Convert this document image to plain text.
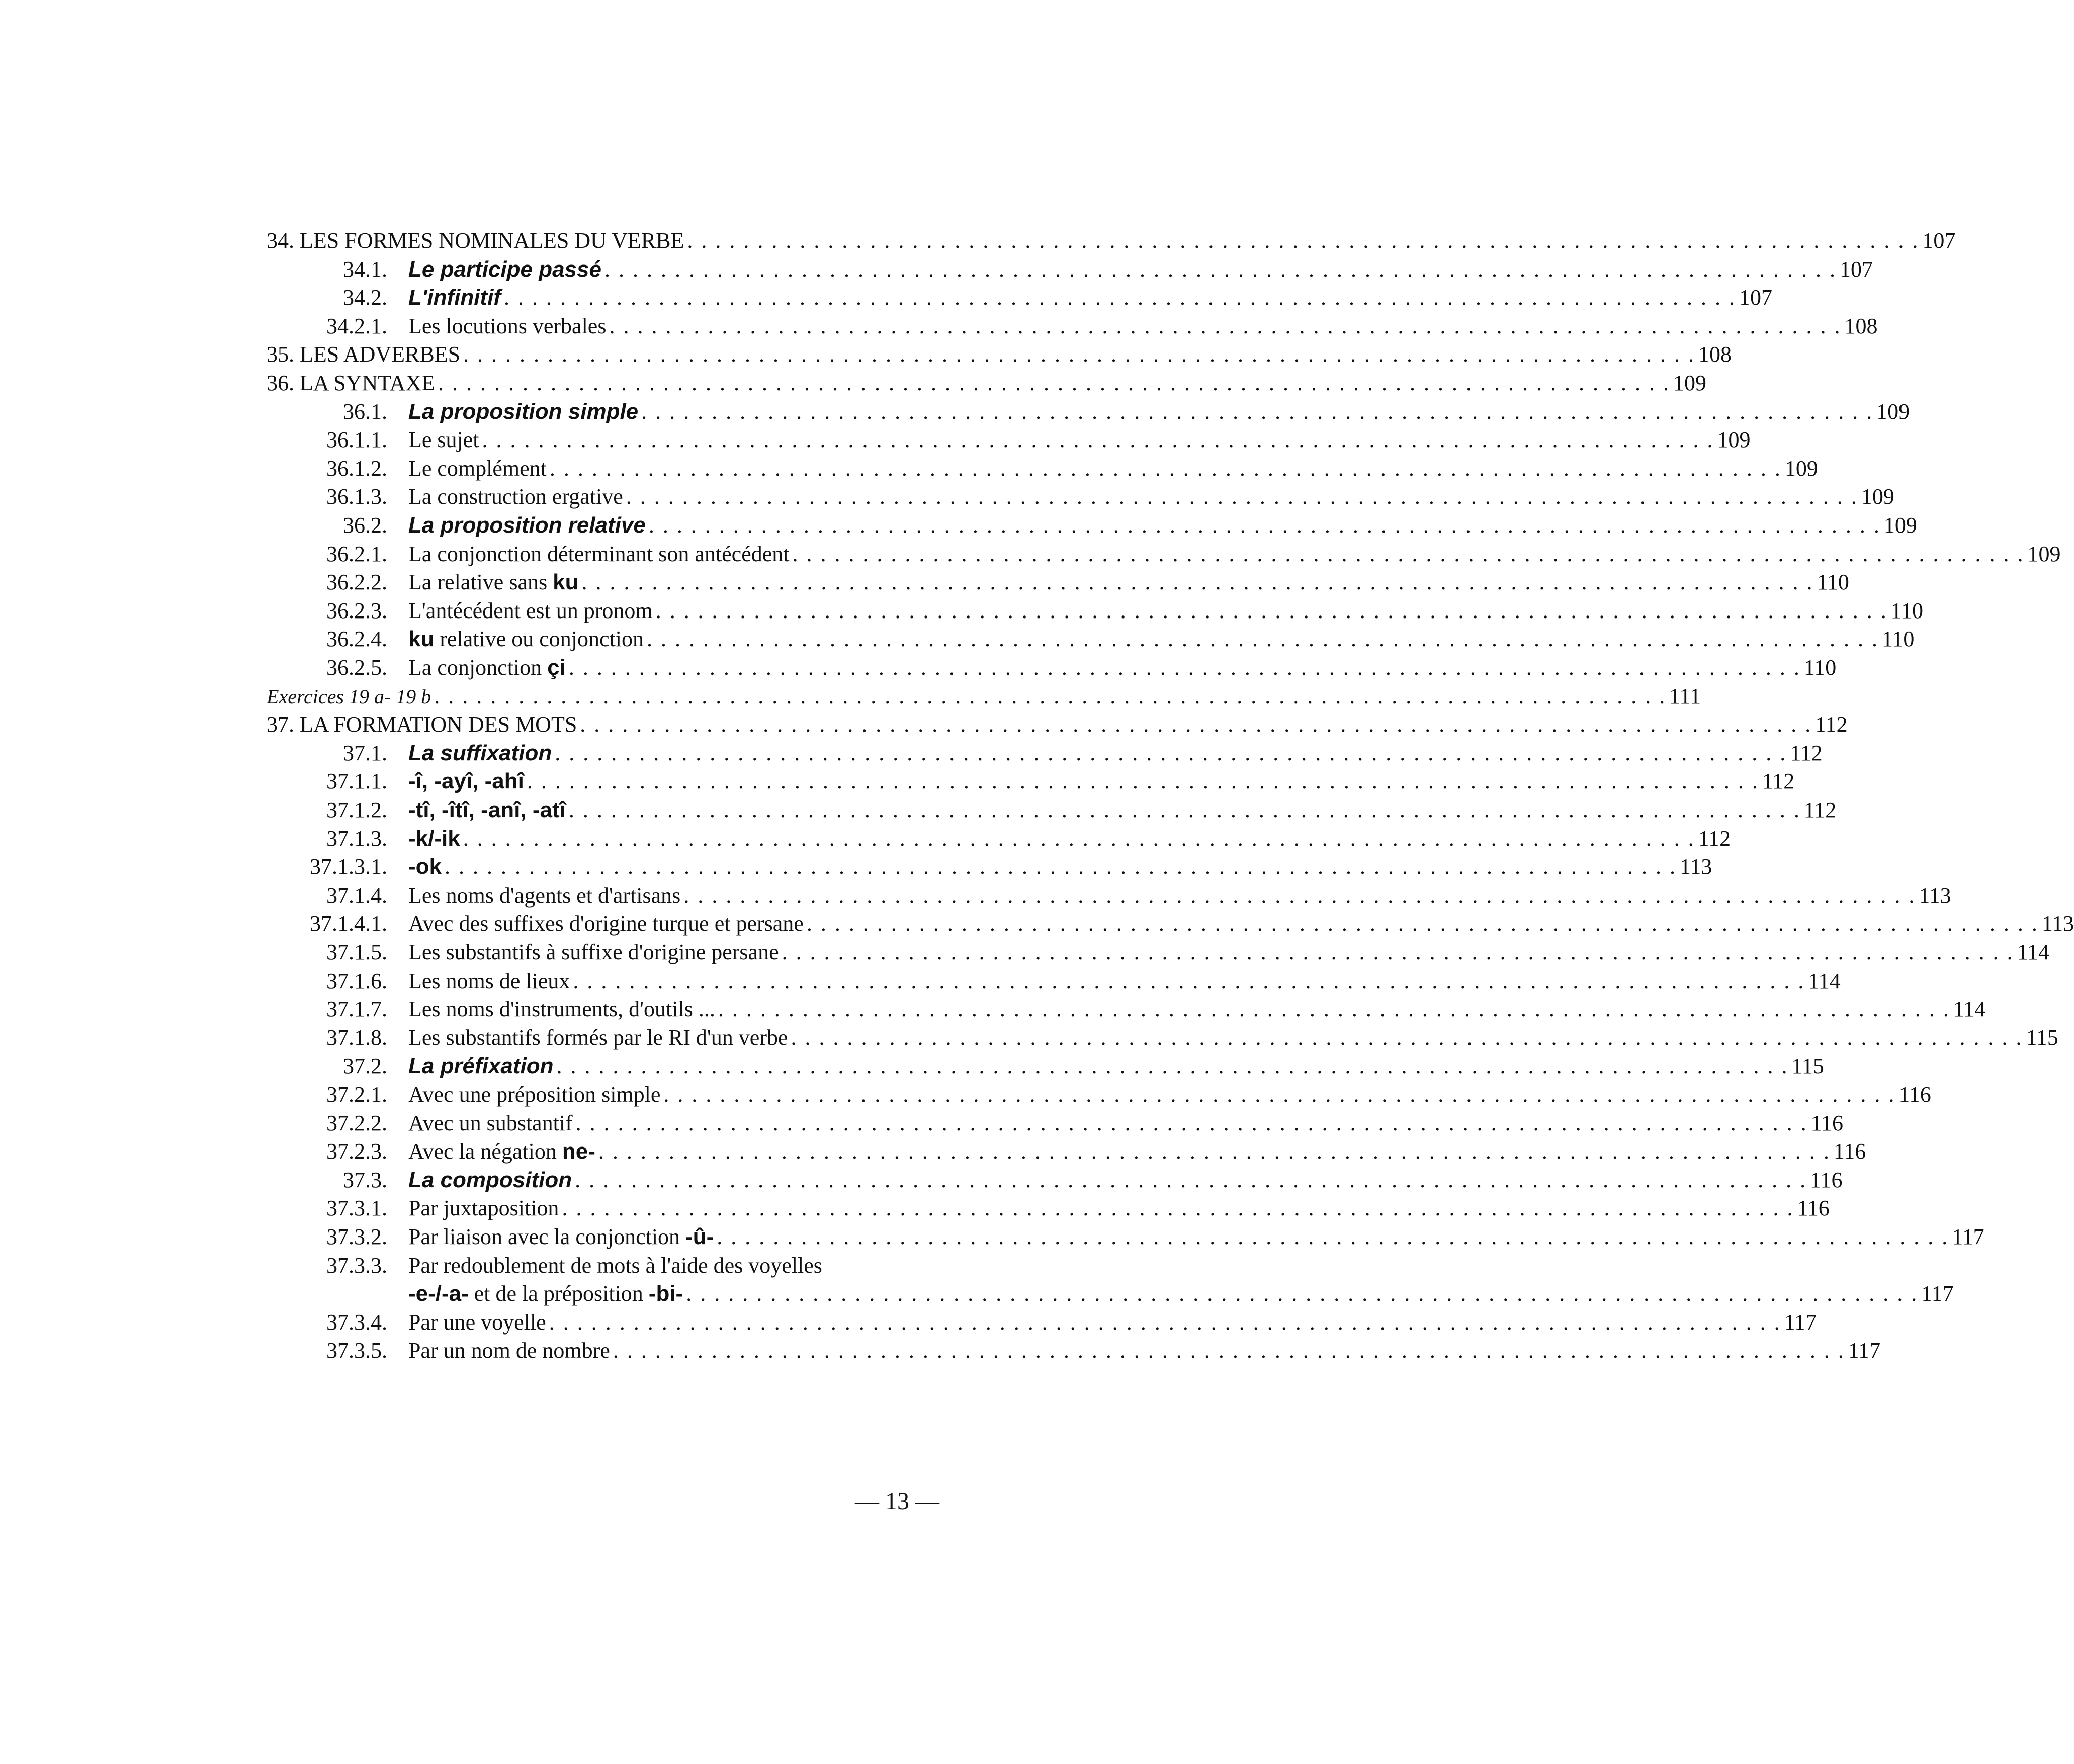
34. LES FORMES NOMINALES DU VERBE . . . . . . . . . . . . . . . . . . . . . . . . . . . . . . . . . . . . . . . . . . . . . . . . . . . . . . . . . . . . . . . . . . . . . . . . . . . . . . . . . . . . . . . . 107
34.1. Le participe passé . . . . . . . . . . . . . . . . . . . . . . . . . . . . . . . . . . . . . . . . . . . . . . . . . . . . . . . . . . . . . . . . . . . . . . . . . . . . . . . . . . . . . . . . 107
34.2. L'infinitif . . . . . . . . . . . . . . . . . . . . . . . . . . . . . . . . . . . . . . . . . . . . . . . . . . . . . . . . . . . . . . . . . . . . . . . . . . . . . . . . . . . . . . . . 107
34.2.1. Les locutions verbales . . . . . . . . . . . . . . . . . . . . . . . . . . . . . . . . . . . . . . . . . . . . . . . . . . . . . . . . . . . . . . . . . . . . . . . . . . . . . . . . . . . . . . . . 108
35. LES ADVERBES . . . . . . . . . . . . . . . . . . . . . . . . . . . . . . . . . . . . . . . . . . . . . . . . . . . . . . . . . . . . . . . . . . . . . . . . . . . . . . . . . . . . . . . . 108
36. LA SYNTAXE . . . . . . . . . . . . . . . . . . . . . . . . . . . . . . . . . . . . . . . . . . . . . . . . . . . . . . . . . . . . . . . . . . . . . . . . . . . . . . . . . . . . . . . . 109
36.1. La proposition simple . . . . . . . . . . . . . . . . . . . . . . . . . . . . . . . . . . . . . . . . . . . . . . . . . . . . . . . . . . . . . . . . . . . . . . . . . . . . . . . . . . . . . . . . 109
36.1.1. Le sujet . . . . . . . . . . . . . . . . . . . . . . . . . . . . . . . . . . . . . . . . . . . . . . . . . . . . . . . . . . . . . . . . . . . . . . . . . . . . . . . . . . . . . . . . 109
36.1.2. Le complément . . . . . . . . . . . . . . . . . . . . . . . . . . . . . . . . . . . . . . . . . . . . . . . . . . . . . . . . . . . . . . . . . . . . . . . . . . . . . . . . . . . . . . . . 109
36.1.3. La construction ergative . . . . . . . . . . . . . . . . . . . . . . . . . . . . . . . . . . . . . . . . . . . . . . . . . . . . . . . . . . . . . . . . . . . . . . . . . . . . . . . . . . . . . . . . 109
36.2. La proposition relative . . . . . . . . . . . . . . . . . . . . . . . . . . . . . . . . . . . . . . . . . . . . . . . . . . . . . . . . . . . . . . . . . . . . . . . . . . . . . . . . . . . . . . . . 109
36.2.1. La conjonction déterminant son antécédent . . . . . . . . . . . . . . . . . . . . . . . . . . . . . . . . . . . . . . . . . . . . . . . . . . . . . . . . . . . . . . . . . . . . . . . . . . . . . . . . . . . . . . . . 109
36.2.2. La relative sans ku . . . . . . . . . . . . . . . . . . . . . . . . . . . . . . . . . . . . . . . . . . . . . . . . . . . . . . . . . . . . . . . . . . . . . . . . . . . . . . . . . . . . . . . . 110
36.2.3. L'antécédent est un pronom . . . . . . . . . . . . . . . . . . . . . . . . . . . . . . . . . . . . . . . . . . . . . . . . . . . . . . . . . . . . . . . . . . . . . . . . . . . . . . . . . . . . . . . . 110
36.2.4. ku relative ou conjonction . . . . . . . . . . . . . . . . . . . . . . . . . . . . . . . . . . . . . . . . . . . . . . . . . . . . . . . . . . . . . . . . . . . . . . . . . . . . . . . . . . . . . . . . 110
36.2.5. La conjonction çi . . . . . . . . . . . . . . . . . . . . . . . . . . . . . . . . . . . . . . . . . . . . . . . . . . . . . . . . . . . . . . . . . . . . . . . . . . . . . . . . . . . . . . . . 110
Exercices 19 a- 19 b . . . . . . . . . . . . . . . . . . . . . . . . . . . . . . . . . . . . . . . . . . . . . . . . . . . . . . . . . . . . . . . . . . . . . . . . . . . . . . . . . . . . . . . . 111
37. LA FORMATION DES MOTS . . . . . . . . . . . . . . . . . . . . . . . . . . . . . . . . . . . . . . . . . . . . . . . . . . . . . . . . . . . . . . . . . . . . . . . . . . . . . . . . . . . . . . . . 112
37.1. La suffixation . . . . . . . . . . . . . . . . . . . . . . . . . . . . . . . . . . . . . . . . . . . . . . . . . . . . . . . . . . . . . . . . . . . . . . . . . . . . . . . . . . . . . . . . 112
37.1.1. -î, -ayî, -ahî . . . . . . . . . . . . . . . . . . . . . . . . . . . . . . . . . . . . . . . . . . . . . . . . . . . . . . . . . . . . . . . . . . . . . . . . . . . . . . . . . . . . . . . . 112
37.1.2. -tî, -îtî, -anî, -atî . . . . . . . . . . . . . . . . . . . . . . . . . . . . . . . . . . . . . . . . . . . . . . . . . . . . . . . . . . . . . . . . . . . . . . . . . . . . . . . . . . . . . . . . 112
37.1.3. -k/-ik . . . . . . . . . . . . . . . . . . . . . . . . . . . . . . . . . . . . . . . . . . . . . . . . . . . . . . . . . . . . . . . . . . . . . . . . . . . . . . . . . . . . . . . . 112
37.1.3.1. -ok . . . . . . . . . . . . . . . . . . . . . . . . . . . . . . . . . . . . . . . . . . . . . . . . . . . . . . . . . . . . . . . . . . . . . . . . . . . . . . . . . . . . . . . . 113
37.1.4. Les noms d'agents et d'artisans . . . . . . . . . . . . . . . . . . . . . . . . . . . . . . . . . . . . . . . . . . . . . . . . . . . . . . . . . . . . . . . . . . . . . . . . . . . . . . . . . . . . . . . . 113
37.1.4.1. Avec des suffixes d'origine turque et persane . . . . . . . . . . . . . . . . . . . . . . . . . . . . . . . . . . . . . . . . . . . . . . . . . . . . . . . . . . . . . . . . . . . . . . . . . . . . . . . . . . . . . . . . 113
37.1.5. Les substantifs à suffixe d'origine persane . . . . . . . . . . . . . . . . . . . . . . . . . . . . . . . . . . . . . . . . . . . . . . . . . . . . . . . . . . . . . . . . . . . . . . . . . . . . . . . . . . . . . . . . 114
37.1.6. Les noms de lieux . . . . . . . . . . . . . . . . . . . . . . . . . . . . . . . . . . . . . . . . . . . . . . . . . . . . . . . . . . . . . . . . . . . . . . . . . . . . . . . . . . . . . . . . 114
37.1.7. Les noms d'instruments, d'outils ... . . . . . . . . . . . . . . . . . . . . . . . . . . . . . . . . . . . . . . . . . . . . . . . . . . . . . . . . . . . . . . . . . . . . . . . . . . . . . . . . . . . . . . . . 114
37.1.8. Les substantifs formés par le RI d'un verbe . . . . . . . . . . . . . . . . . . . . . . . . . . . . . . . . . . . . . . . . . . . . . . . . . . . . . . . . . . . . . . . . . . . . . . . . . . . . . . . . . . . . . . . . 115
37.2. La préfixation . . . . . . . . . . . . . . . . . . . . . . . . . . . . . . . . . . . . . . . . . . . . . . . . . . . . . . . . . . . . . . . . . . . . . . . . . . . . . . . . . . . . . . . . 115
37.2.1. Avec une préposition simple . . . . . . . . . . . . . . . . . . . . . . . . . . . . . . . . . . . . . . . . . . . . . . . . . . . . . . . . . . . . . . . . . . . . . . . . . . . . . . . . . . . . . . . . 116
37.2.2. Avec un substantif . . . . . . . . . . . . . . . . . . . . . . . . . . . . . . . . . . . . . . . . . . . . . . . . . . . . . . . . . . . . . . . . . . . . . . . . . . . . . . . . . . . . . . . . 116
37.2.3. Avec la négation ne- . . . . . . . . . . . . . . . . . . . . . . . . . . . . . . . . . . . . . . . . . . . . . . . . . . . . . . . . . . . . . . . . . . . . . . . . . . . . . . . . . . . . . . . . 116
37.3. La composition . . . . . . . . . . . . . . . . . . . . . . . . . . . . . . . . . . . . . . . . . . . . . . . . . . . . . . . . . . . . . . . . . . . . . . . . . . . . . . . . . . . . . . . . 116
37.3.1. Par juxtaposition . . . . . . . . . . . . . . . . . . . . . . . . . . . . . . . . . . . . . . . . . . . . . . . . . . . . . . . . . . . . . . . . . . . . . . . . . . . . . . . . . . . . . . . . 116
37.3.2. Par liaison avec la conjonction -û- . . . . . . . . . . . . . . . . . . . . . . . . . . . . . . . . . . . . . . . . . . . . . . . . . . . . . . . . . . . . . . . . . . . . . . . . . . . . . . . . . . . . . . . . 117
37.3.3. Par redoublement de mots à l'aide des voyelles
-e-/-a- et de la préposition -bi- . . . . . . . . . . . . . . . . . . . . . . . . . . . . . . . . . . . . . . . . . . . . . . . . . . . . . . . . . . . . . . . . . . . . . . . . . . . . . . . . . . . . . . . . 117
37.3.4. Par une voyelle . . . . . . . . . . . . . . . . . . . . . . . . . . . . . . . . . . . . . . . . . . . . . . . . . . . . . . . . . . . . . . . . . . . . . . . . . . . . . . . . . . . . . . . . 117
37.3.5. Par un nom de nombre . . . . . . . . . . . . . . . . . . . . . . . . . . . . . . . . . . . . . . . . . . . . . . . . . . . . . . . . . . . . . . . . . . . . . . . . . . . . . . . . . . . . . . . . 117
— 13 —
